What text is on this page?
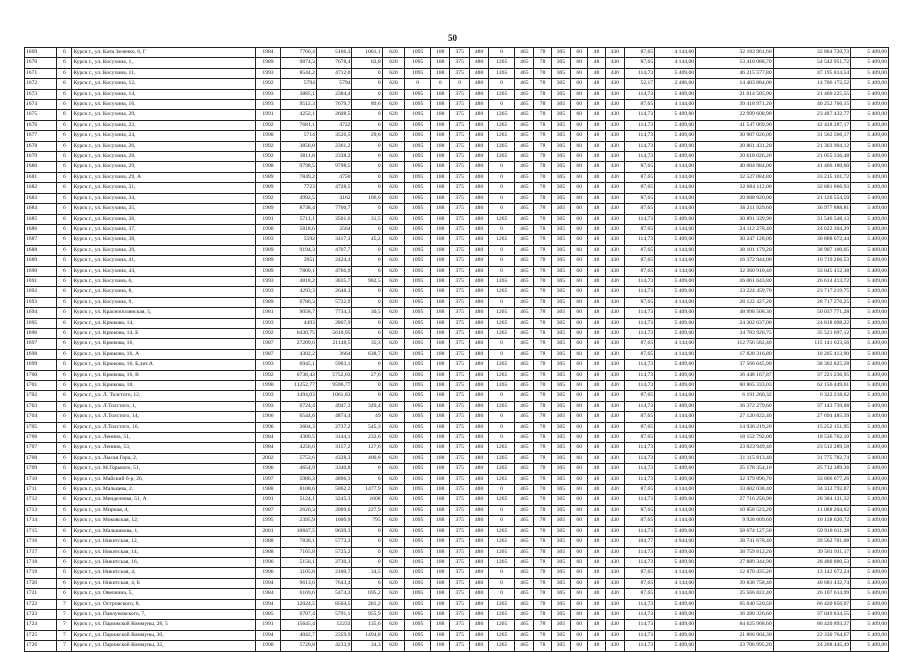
50
1669	6	Курск г., ул. Кати Зеленко, 6, Г	1984	7766,4	5166,3	1061,1	620	1095	188	375	480	0	465	78	305	60	48	430	87,65	4 144,00	32 183 961,60	32 864 720,73	5 409,00
1670	6	Курск г., ул. Косухина, 1,	1989	9874,3	7678,4	62,8	620	1095	188	375	480	1265	465	78	305	60	48	430	87,65	4 144,00	53 410 088,70	54 542 951,72	5 409,00
1671	6	Курск г., ул. Косухина, 11,	1993	8544,2	4712,0	0	620	1095	188	375	480	1265	465	78	305	60	48	430	114,73	5 409,00	46 215 577,80	47 195 814,54	5 409,00
1672	6	Курск г., ул. Косухина, 12,	1992	5794	5794	0	620	0	0	0	480	0	465	78	305	60	48	430	52,17	2 486,00	14 403 884,00	14 706 173,52	5 409,00
1673	6	Курск г., ул. Косухина, 14,	1993	3885,1	2384,4	0	620	1095	188	375	480	1265	465	78	305	60	48	430	114,73	5 409,00	21 014 505,90	21 460 225,55	5 409,00
1674	6	Курск г., ул. Косухина, 16,	1993	9512,3	7679,7	89,6	620	1095	188	375	480	0	465	78	305	60	48	430	87,65	4 144,00	39 418 971,20	40 252 766,15	5 409,00
1675	6	Курск г., ул. Косухина, 20,	1991	4252,1	2608,5	0	620	1095	188	375	480	1265	465	78	305	60	48	430	114,73	5 409,00	22 999 608,90	23 487 432,77	5 409,00
1676	6	Курск г., ул. Косухина, 22,	1992	7681,1	4722	0	620	1095	188	375	480	1265	465	78	305	60	48	430	114,73	5 409,00	41 547 069,90	42 428 287,17	5 409,00
1677	6	Курск г., ул. Косухина, 24,	1990	5714	3526,5	29,6	620	1095	188	375	480	1265	465	78	305	60	48	430	114,73	5 409,00	30 907 026,00	31 562 566,17	5 409,00
1678	6	Курск г., ул. Косухина, 26,	1992	3856,8	2361,2	0	620	1095	188	375	480	1265	465	78	305	60	48	430	114,73	5 409,00	20 861 431,20	21 303 904,12	5 409,00
1679	6	Курск г., ул. Косухина, 28,	1992	3811,8	2338,2	0	620	1095	188	375	480	1265	465	78	305	60	48	430	114,73	5 409,00	20 618 026,20	21 055 336,48	5 409,00
1680	6	Курск г., ул. Косухина, 29,	1998	9798,5	9798,5	0	620	1095	188	375	480	0	465	78	305	60	48	430	87,65	4 144,00	40 604 984,00	41 466 180,60	5 409,00
1681	6	Курск г., ул. Косухина, 29, А	1989	7849,2	4750	0	620	1095	188	375	480	0	465	78	305	60	48	430	87,65	4 144,00	32 527 084,80	33 215 101,72	5 409,00
1682	6	Курск г., ул. Косухина, 31,	1989	7723	4728,5	0	620	1095	188	375	480	0	465	78	305	60	48	430	87,65	4 144,00	32 004 112,00	32 681 066,93	5 409,00
1683	6	Курск г., ул. Косухина, 34,	1992	4992,5	4162	106,6	620	1095	188	375	480	0	465	78	305	60	48	430	87,65	4 144,00	20 688 920,00	21 126 554,59	5 409,00
1684	6	Курск г., ул. Косухина, 35,	1989	8738,4	7760,7	0	620	1095	188	375	480	0	465	78	305	60	48	430	87,65	4 144,00	36 211 929,60	36 977 888,81	5 409,00
1685	6	Курск г., ул. Косухина, 36,	1991	5711,1	3501,6	31,5	620	1095	188	375	480	1265	465	78	305	60	48	430	114,73	5 409,00	30 891 339,90	31 546 548,13	5 409,00
1686	6	Курск г., ул. Косухина, 37,	1990	5818,6	3564	0	620	1095	188	375	480	0	465	78	305	60	48	430	87,65	4 144,00	24 112 278,40	24 622 304,29	5 409,00
1687	6	Курск г., ул. Косухина, 38,	1993	5592	3417,3	45,2	620	1095	188	375	480	1265	465	78	305	60	48	430	114,73	5 409,00	30 247 128,00	30 888 672,44	5 409,00
1688	6	Курск г., ул. Косухина, 39,	1989	9194,3	4707,7	0	620	1095	188	375	480	0	465	78	305	60	48	430	87,65	4 144,00	38 101 179,20	38 907 100,05	5 409,00
1689	6	Курск г., ул. Косухина, 41,	1989	3951	2424,4	0	620	1095	188	375	480	0	465	78	305	60	48	430	87,65	4 144,00	16 372 944,00	16 719 266,53	5 409,00
1690	6	Курск г., ул. Косухина, 43,	1989	7809,1	4766,9	0	620	1095	188	375	480	0	465	78	305	60	48	430	87,65	4 144,00	32 360 910,40	33 045 412,38	5 409,00
1691	6	Курск г., ул. Косухина, 6,	1993	4818,2	3835,7	982,5	620	1095	188	375	480	1265	465	78	305	60	48	430	114,73	5 409,00	26 061 643,80	26 614 413,72	5 409,00
1692	6	Курск г., ул. Косухина, 8,	1993	4293,3	2648,3	0	620	1095	188	375	480	1265	465	78	305	60	48	430	114,73	5 409,00	23 224 459,70	23 717 219,75	5 409,00
1693	6	Курск г., ул. Косухина, 9,	1989	6786,3	5722,9	0	620	1095	188	375	480	0	465	78	305	60	48	430	87,65	4 144,00	28 122 427,20	28 717 276,25	5 409,00
1694	6	Курск г., ул. Краснополянская, 5,	1981	9058,7	7734,3	30,5	620	1095	188	375	480	1265	465	78	305	60	48	430	114,73	5 409,00	48 998 508,30	50 037 771,28	5 409,00
1695	6	Курск г., ул. Крюкова, 14,	1993	4493	2867,9	0	620	1095	188	375	480	1265	465	78	305	60	48	430	114,73	5 409,00	24 302 637,00	24 818 098,22	5 409,00
1696	6	Курск г., ул. Крюкова, 14, Б	1992	6430,75	5610,95	0	620	1095	188	375	480	1265	465	78	305	60	48	430	114,73	5 409,00	34 783 926,75	35 521 697,12	5 409,00
1697	6	Курск г., ул. Крюкова, 16,	1987	27209,6	21148,5	35,3	620	1095	188	375	480	0	465	78	305	60	48	430	87,65	4 144,00	112 756 582,40	115 141 623,56	5 409,00
1698	6	Курск г., ул. Крюкова, 16, А	1987	4302,2	3664	638,7	620	1095	188	375	480	0	465	78	305	60	48	430	87,65	4 144,00	17 828 316,80	18 205 413,90	5 409,00
1699	6	Курск г., ул. Крюкова, 16, Б,лит.А	1993	6945,1	5963,1	0	620	1095	188	375	480	1265	465	78	305	60	48	430	114,73	5 409,00	37 566 045,90	38 362 825,28	5 409,00
1700	6	Курск г., ул. Крюкова, 16, В	1992	6738,43	5752,03	27,6	620	1095	188	375	480	1265	465	78	305	60	48	430	114,73	5 409,00	36 448 167,87	37 221 236,95	5 409,00
1701	6	Курск г., ул. Крюкова, 18,	1990	11252,77	9596,77	0	620	1095	188	375	480	1265	465	78	305	60	48	430	114,73	5 409,00	60 865 333,03	62 156 449,61	5 409,00
1702	6	Курск г., ул. Л. Толстого, 12,	1993	1494,03	1061,83	0	620	1095	188	375	480	0	465	78	305	60	48	430	87,65	4 144,00	6 191 260,32	6 322 218,62	5 409,00
1703	6	Курск г., ул. Л.Толстого, 1,	1993	6724,4	4947,3	349,4	620	1095	188	375	480	1265	465	78	305	60	48	430	114,73	5 409,00	36 372 279,60	37 143 739,08	5 409,00
1704	6	Курск г., ул. Л.Толстого, 14,	1966	6544,6	4874,4	49	620	1095	188	375	480	0	465	78	305	60	48	430	87,65	4 144,00	27 120 822,40	27 694 485,39	5 409,00
1705	6	Курск г., ул. Л.Толстого, 16,	1996	3604,3	2737,2	545,3	620	1095	188	375	480	0	465	78	305	60	48	430	87,65	4 144,00	14 936 219,20	15 252 151,95	5 409,00
1706	6	Курск г., ул. Ленина, 51,	1984	4380,5	3144,1	232,6	620	1095	188	375	480	0	465	78	305	60	48	430	87,65	4 144,00	18 152 792,00	18 536 762,10	5 409,00
1707	6	Курск г., ул. Ленина, 53,	1984	4256,6	3157,2	127,6	620	1095	188	375	480	1265	465	78	305	60	48	430	114,73	5 409,00	23 023 949,40	23 512 289,58	5 409,00
1708	6	Курск г., ул. Лысая Гора, 2,	2002	5752,6	4328,3	400,8	620	1095	188	375	480	1265	465	78	305	60	48	430	114,73	5 409,00	31 115 813,40	31 775 782,74	5 409,00
1709	6	Курск г., ул. М.Горького, 51,	1996	4654,9	3340,8	0	620	1095	188	375	480	1265	465	78	305	60	48	430	114,73	5 409,00	25 178 354,10	25 712 389,36	5 409,00
1710	6	Курск г., ул. Майский б-р, 26,	1997	5986,3	4896,3	0	620	1095	188	375	480	1265	465	78	305	60	48	430	114,73	5 409,00	32 379 896,70	33 066 677,26	5 409,00
1711	6	Курск г., ул. Мальцева, 2,	1988	8108,6	5062,2	1477,9	620	1095	188	375	480	0	465	78	305	60	48	430	87,65	4 144,00	33 602 038,40	34 312 792,87	5 409,00
1712	6	Курск г., ул. Менделеева, 51, А	1991	5124,1	3245,3	1608	620	1095	188	375	480	1265	465	78	305	60	48	430	114,73	5 409,00	27 716 256,90	28 304 121,32	5 409,00
1713	6	Курск г., ул. Мирная, 4,	1987	2620,3	2009,6	227,9	620	1095	188	375	480	0	465	78	305	60	48	430	87,65	4 144,00	10 858 523,20	11 088 204,02	5 409,00
1714	6	Курск г., ул. Моковская, 12,	1995	2395,9	1600,9	795	620	1095	188	375	480	0	465	78	305	60	48	430	87,65	4 144,00	9 928 609,60	10 138 620,72	5 409,00
1715	6	Курск г., ул. Малышкова, 1,	2001	10847,5	9639,3	0	620	1095	188	375	480	1265	465	78	305	60	48	430	114,73	5 409,00	58 674 127,50	59 918 611,28	5 409,00
1716	6	Курск г., ул. Никитская, 12,	1988	7836,1	5773,3	0	620	1095	188	375	480	1265	465	78	305	60	48	430	104,77	4 944,00	38 741 678,40	39 562 701,08	5 409,00
1717	6	Курск г., ул. Никитская, 14,	1988	7165,8	5725,2	0	620	1095	188	375	480	1265	465	78	305	60	48	430	114,73	5 409,00	38 759 812,20	39 581 911,17	5 409,00
1718	6	Курск г., ул. Никитская, 16,	1996	5156,1	2730,3	0	620	1095	188	375	480	1265	465	78	305	60	48	430	114,73	5 409,00	27 889 344,90	28 480 880,53	5 409,00
1719	6	Курск г., ул. Никитская, 4,	1996	3105,8	2100,7	34,5	620	1095	188	375	480	0	465	78	305	60	48	430	87,65	4 144,00	12 870 435,20	13 142 672,24	5 409,00
1720	6	Курск г., ул. Никитская, 4, Б	1994	9613,6	7643,4	0	620	1095	188	375	480	0	465	78	305	60	48	430	87,65	4 144,00	39 838 758,40	40 681 432,74	5 409,00
1721	6	Курск г., ул. Овечкина, 5,	1984	6169,6	5474,3	695,2	620	1095	188	375	480	0	465	78	305	60	48	430	87,65	4 144,00	25 566 822,40	26 107 614,99	5 409,00
1722	7	Курск г., ул. Островского, 8,	1994	12024,5	8504,5	281,2	620	1095	188	375	480	1265	465	78	305	60	48	430	114,73	5 409,00	65 040 520,50	66 420 856,07	5 409,00
1723	7	Курск г., ул. Павлуновского, 7,	1985	6707,4	5791,1	955,9	620	1095	188	375	480	1265	465	78	305	60	48	430	114,73	5 409,00	36 280 326,60	37 049 834,55	5 409,00
1724	7	Курск г., ул. Парижской Коммуны, 28, 5	1991	15645,4	12233	135,6	620	1095	188	375	480	1265	465	78	305	60	48	430	114,73	5 409,00	84 625 968,60	86 420 893,37	5 409,00
1725	7	Курск г., ул. Парижской Коммуны, 30,	1994	4042,7	2359,9	1494,8	620	1095	188	375	480	1265	465	78	305	60	48	430	114,73	5 409,00	21 866 964,30	22 330 764,67	5 409,00
1726	7	Курск г., ул. Парижской Коммуны, 32,	1990	5720,8	4233,9	34,3	620	1095	188	375	480	1265	465	78	305	60	48	430	114,73	5 409,00	23 706 995,20	24 208 445,49	5 409,00
